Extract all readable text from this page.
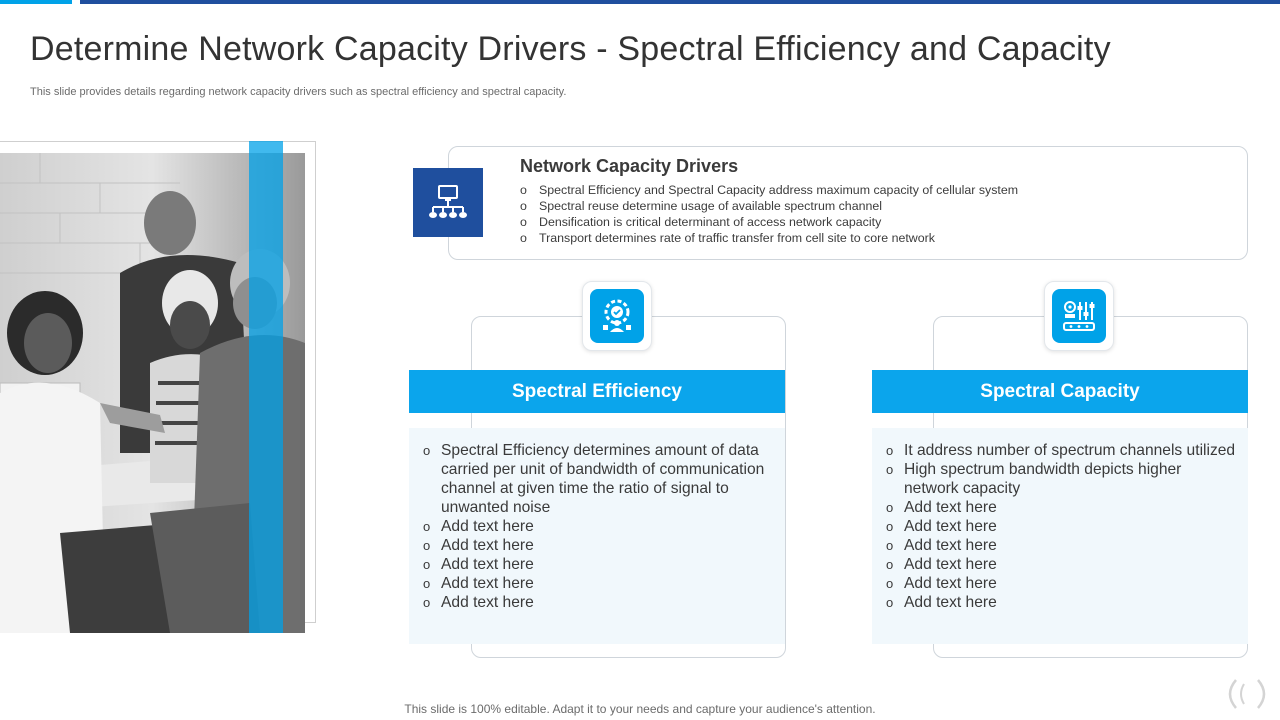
Determine Network Capacity Drivers - Spectral Efficiency and Capacity
This slide provides details regarding network capacity drivers such as spectral efficiency and spectral capacity.
Network Capacity Drivers
o Spectral Efficiency and Spectral Capacity address maximum capacity of cellular system
o Spectral reuse determine usage of available spectrum channel
o Densification is critical determinant of access network capacity
o Transport determines rate of traffic transfer from cell site to core network
Spectral Efficiency
o Spectral Efficiency determines amount of data carried per unit of bandwidth of communication channel at given time the ratio of signal to unwanted noise
o Add text here
o Add text here
o Add text here
o Add text here
o Add text here
Spectral Capacity
o It address number of spectrum channels utilized
o High spectrum bandwidth depicts higher network capacity
o Add text here
o Add text here
o Add text here
o Add text here
o Add text here
o Add text here
This slide is 100% editable. Adapt it to your needs and capture your audience's attention.
